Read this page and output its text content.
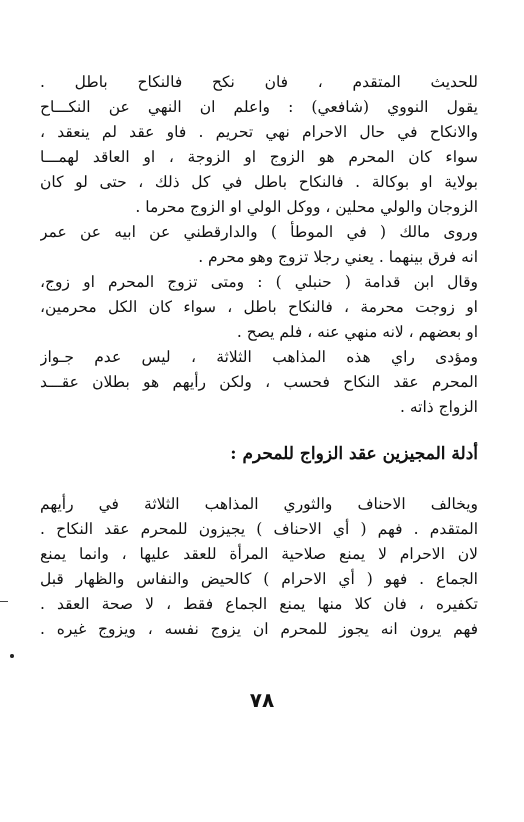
للحديث المتقدم ، فان نكح فالنكاح باطل .
يقول النووي (شافعي) : واعلم ان النهي عن النكـــاح
والانكاح في حال الاحرام نهي تحريم . فاو عقد لم ينعقد ،
سواء كان المحرم هو الزوج او الزوجة ، او العاقد لهمـــا
بولاية او بوكالة . فالنكاح باطل في كل ذلك ، حتى لو كان
الزوجان والولي محلين ، ووكل الولي او الزوج محرما .
وروى مالك ( في الموطأ ) والدارقطني عن ابيه عن عمر
انه فرق بينهما . يعني رجلا تزوج وهو محرم .
وقال ابن قدامة ( حنبلي ) : ومتى تزوج المحرم او زوج،
او زوجت محرمة ، فالنكاح باطل ، سواء كان الكل محرمين،
او بعضهم ، لانه منهي عنه ، فلم يصح .
ومؤدى راي هذه المذاهب الثلاثة ، ليس عدم جـواز
المحرم عقد النكاح فحسب ، ولكن رأيهم هو بطلان عقـــد
الزواج ذاته .
أدلة المجيزين عقد الزواج للمحرم :
ويخالف الاحناف والثوري المذاهب الثلاثة في رأيهم
المتقدم . فهم ( أي الاحناف ) يجيزون للمحرم عقد النكاح .
لان الاحرام لا يمنع صلاحية المرأة للعقد عليها ، وانما يمنع
الجماع . فهو ( أي الاحرام ) كالحيض والنفاس والظهار قبل
تكفيره ، فان كلا منها يمنع الجماع فقط ، لا صحة العقد .
فهم يرون انه يجوز للمحرم ان يزوج نفسه ، ويزوج غيره .
٧٨
